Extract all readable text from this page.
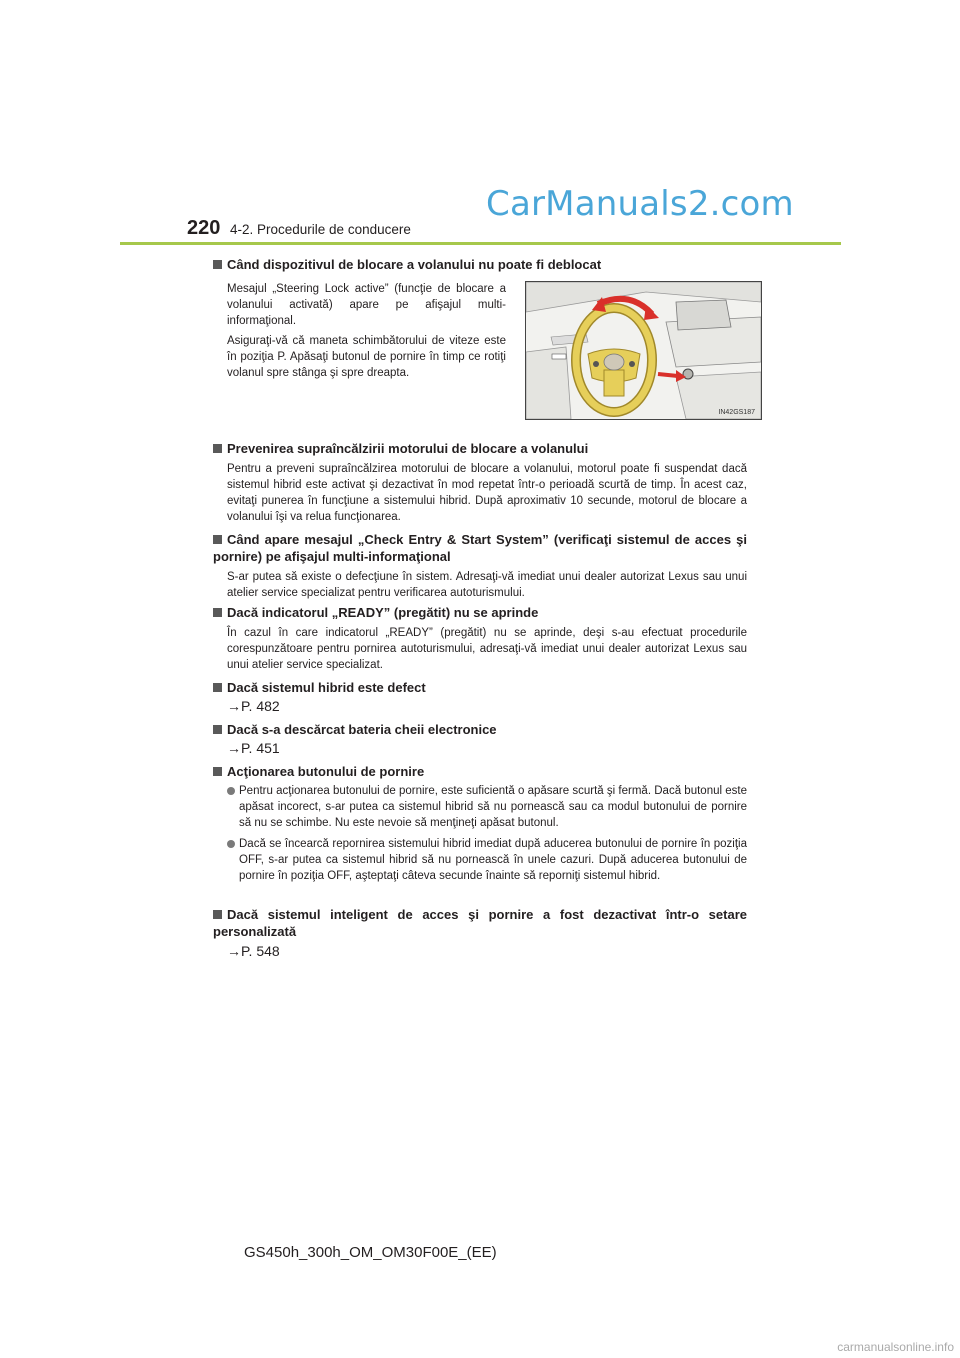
CarManuals2.com
220 4-2. Procedurile de conducere
Când dispozitivul de blocare a volanului nu poate fi deblocat
Mesajul „Steering Lock active” (funcţie de blocare a volanului activată) apare pe afişajul multi-informaţional.
Asiguraţi-vă că maneta schimbătorului de viteze este în poziţia P. Apăsaţi butonul de pornire în timp ce rotiţi volanul spre stânga şi spre dreapta.
IN42GS187
Prevenirea supraîncălzirii motorului de blocare a volanului
Pentru a preveni supraîncălzirea motorului de blocare a volanului, motorul poate fi suspendat dacă sistemul hibrid este activat şi dezactivat în mod repetat într-o perioadă scurtă de timp. În acest caz, evitaţi punerea în funcţiune a sistemului hibrid. După aproximativ 10 secunde, motorul de blocare a volanului îşi va relua funcţionarea.
Când apare mesajul „Check Entry & Start System” (verificaţi sistemul de acces şi pornire) pe afişajul multi-informaţional
S-ar putea să existe o defecţiune în sistem. Adresaţi-vă imediat unui dealer autorizat Lexus sau unui atelier service specializat pentru verificarea autoturismului.
Dacă indicatorul „READY” (pregătit) nu se aprinde
În cazul în care indicatorul „READY” (pregătit) nu se aprinde, deşi s-au efectuat procedurile corespunzătoare pentru pornirea autoturismului, adresaţi-vă imediat unui dealer autorizat Lexus sau unui atelier service specializat.
Dacă sistemul hibrid este defect
→P. 482
Dacă s-a descărcat bateria cheii electronice
→P. 451
Acţionarea butonului de pornire
Pentru acţionarea butonului de pornire, este suficientă o apăsare scurtă şi fermă. Dacă butonul este apăsat incorect, s-ar putea ca sistemul hibrid să nu pornească sau ca modul butonului de pornire să nu se schimbe. Nu este nevoie să menţineţi apăsat butonul.
Dacă se încearcă repornirea sistemului hibrid imediat după aducerea butonului de pornire în poziţia OFF, s-ar putea ca sistemul hibrid să nu pornească în unele cazuri. După aducerea butonului de pornire în poziţia OFF, aşteptaţi câteva secunde înainte să reporniţi sistemul hibrid.
Dacă sistemul inteligent de acces şi pornire a fost dezactivat într-o setare personalizată
→P. 548
GS450h_300h_OM_OM30F00E_(EE)
carmanualsonline.info
